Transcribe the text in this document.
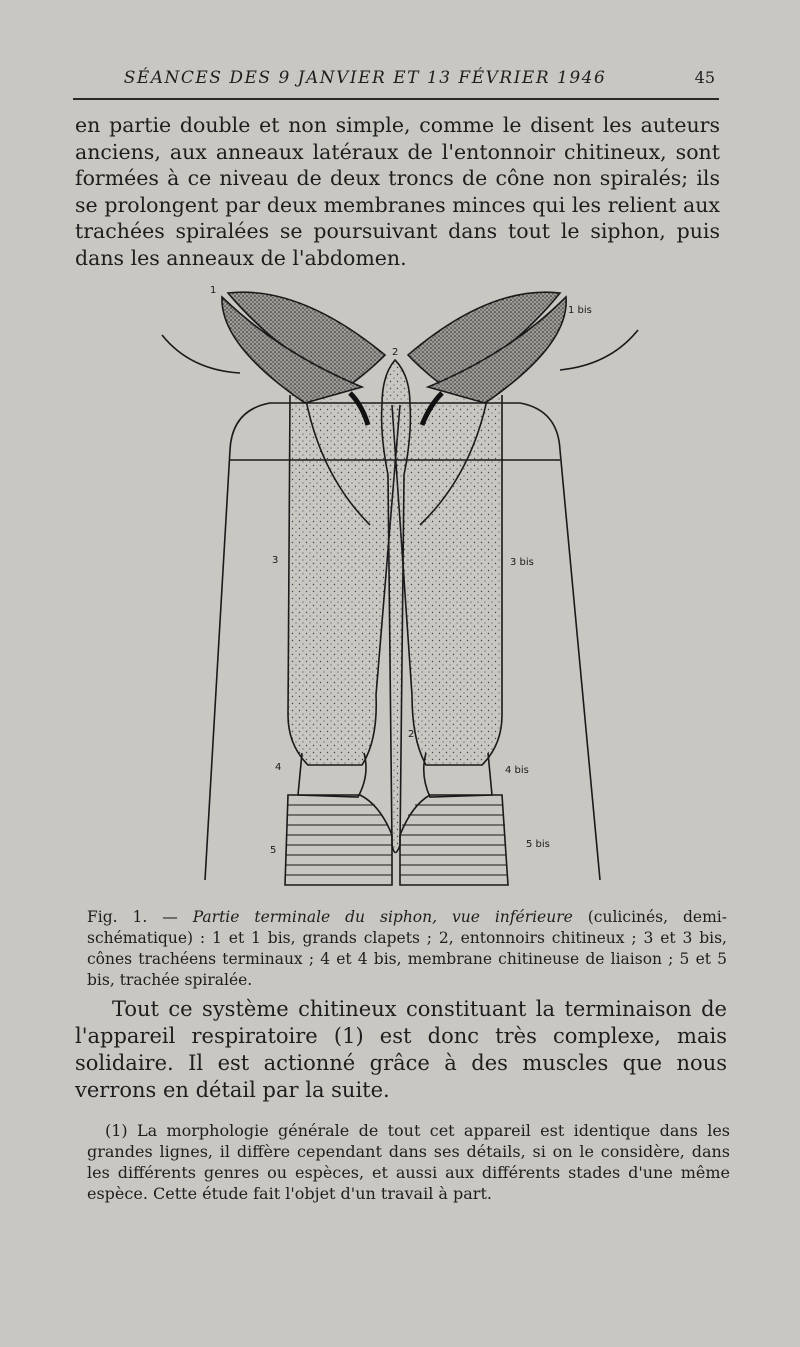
SÉANCES DES 9 JANVIER ET 13 FÉVRIER 1946	45

en partie double et non simple, comme le disent les auteurs anciens, aux anneaux latéraux de l'entonnoir chitineux, sont formées à ce niveau de deux troncs de cône non spiralés; ils se prolongent par deux membranes minces qui les relient aux trachées spiralées se poursuivant dans tout le siphon, puis dans les anneaux de l'abdomen.

1
1 bis
2
2
3	3 bis
4	4 bis
5
5 bis

Fig. 1. — Partie terminale du siphon, vue inférieure (culicinés, demi-schématique) : 1 et 1 bis, grands clapets ; 2, entonnoirs chitineux ; 3 et 3 bis, cônes trachéens terminaux ; 4 et 4 bis, membrane chitineuse de liaison ; 5 et 5 bis, trachée spiralée.

Tout ce système chitineux constituant la terminaison de l'appareil respiratoire (1) est donc très complexe, mais solidaire. Il est actionné grâce à des muscles que nous verrons en détail par la suite.

(1) La morphologie générale de tout cet appareil est identique dans les grandes lignes, il diffère cependant dans ses détails, si on le considère, dans les différents genres ou espèces, et aussi aux différents stades d'une même espèce. Cette étude fait l'objet d'un travail à part.
